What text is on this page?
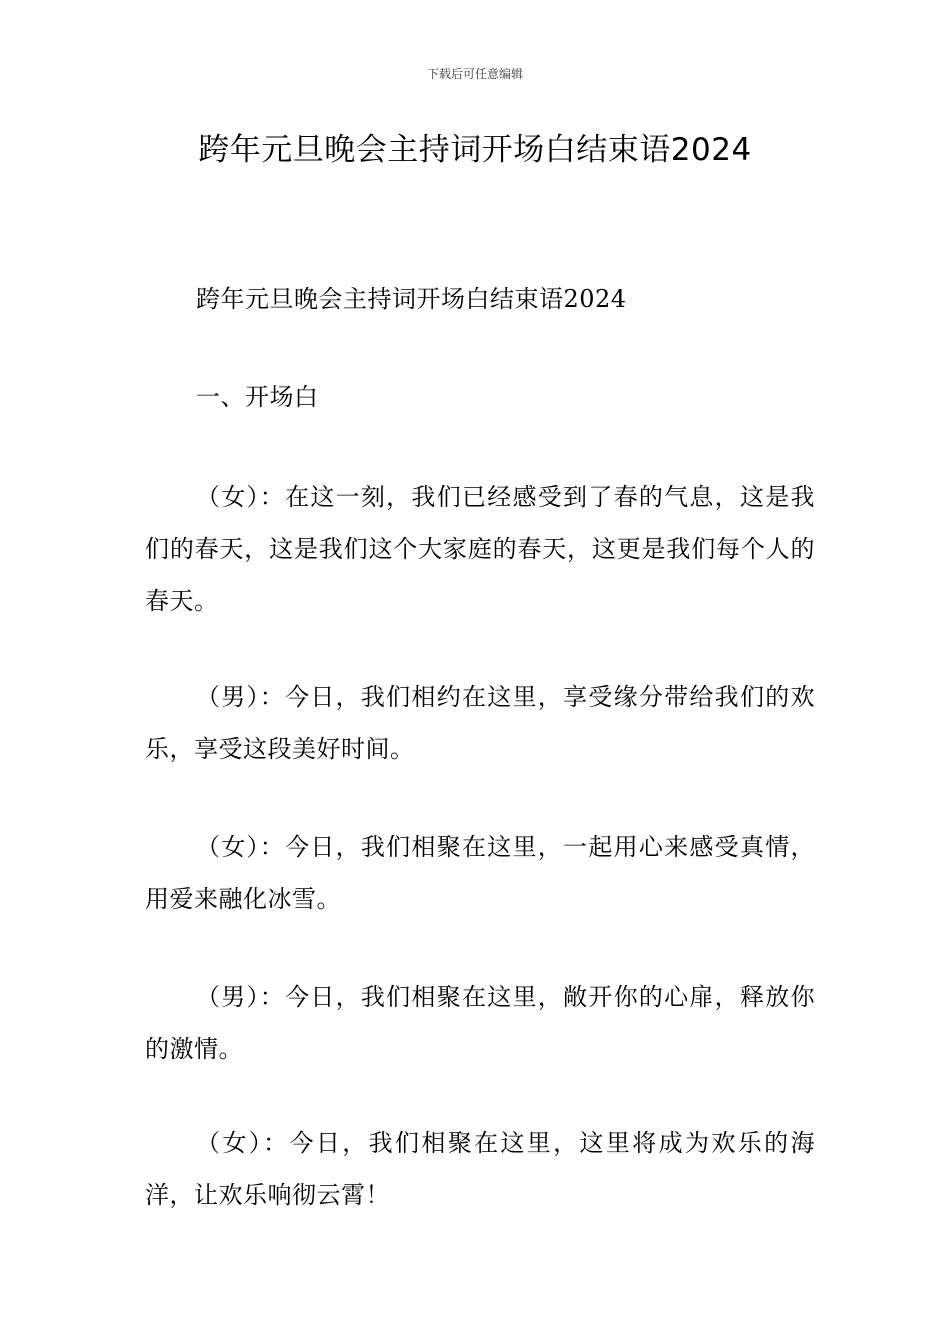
下载后可任意编辑
跨年元旦晚会主持词开场白结束语2024

跨年元旦晚会主持词开场白结束语2024

一、开场白

（女）：在这一刻，我们已经感受到了春的气息，这是我们的春天，这是我们这个大家庭的春天，这更是我们每个人的春天。

（男）：今日，我们相约在这里，享受缘分带给我们的欢乐，享受这段美好时间。

（女）：今日，我们相聚在这里，一起用心来感受真情，用爱来融化冰雪。

（男）：今日，我们相聚在这里，敞开你的心扉，释放你的激情。

（女）：今日，我们相聚在这里，这里将成为欢乐的海洋，让欢乐响彻云霄！
